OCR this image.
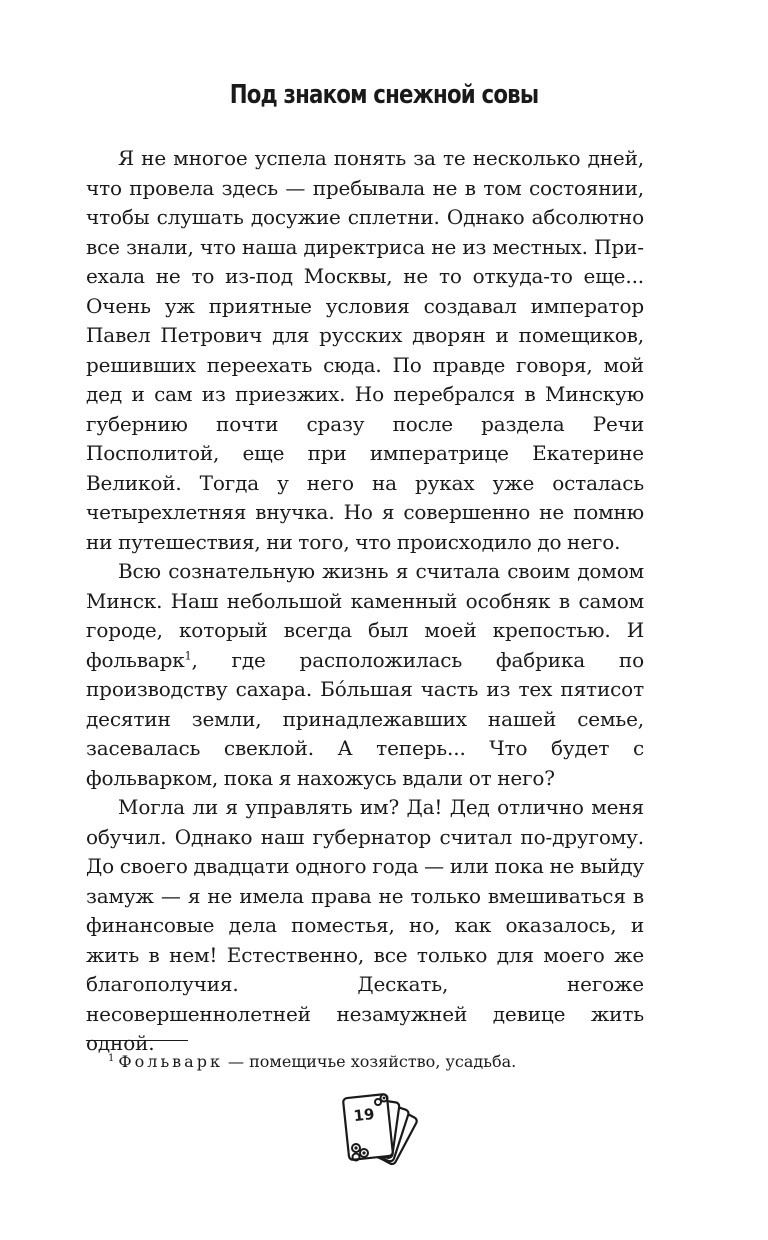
Под знаком снежной совы

Я не многое успела понять за те несколько дней, что провела здесь — пребывала не в том состоянии, чтобы слушать досужие сплетни. Однако абсолютно все знали, что наша директриса не из местных. Приехала не то из-под Москвы, не то откуда-то еще... Очень уж приятные условия создавал император Павел Петрович для русских дворян и помещиков, решивших переехать сюда. По правде говоря, мой дед и сам из приезжих. Но перебрался в Минскую губернию почти сразу после раздела Речи Посполитой, еще при императрице Екатерине Великой. Тогда у него на руках уже осталась четырехлетняя внучка. Но я совершенно не помню ни путешествия, ни того, что происходило до него.

Всю сознательную жизнь я считала своим домом Минск. Наш небольшой каменный особняк в самом городе, который всегда был моей крепостью. И фольварк$^1$, где расположилась фабрика по производству сахара. Бóльшая часть из тех пятисот десятин земли, принадлежавших нашей семье, засевалась свеклой. А теперь... Что будет с фольварком, пока я нахожусь вдали от него?

Могла ли я управлять им? Да! Дед отлично меня обучил. Однако наш губернатор считал по-другому. До своего двадцати одного года — или пока не выйду замуж — я не имела права не только вмешиваться в финансовые дела поместья, но, как оказалось, и жить в нем! Естественно, все только для моего же благополучия. Дескать, негоже несовершеннолетней незамужней девице жить одной.

$^1$ Фольварк — помещичье хозяйство, усадьба.
19
